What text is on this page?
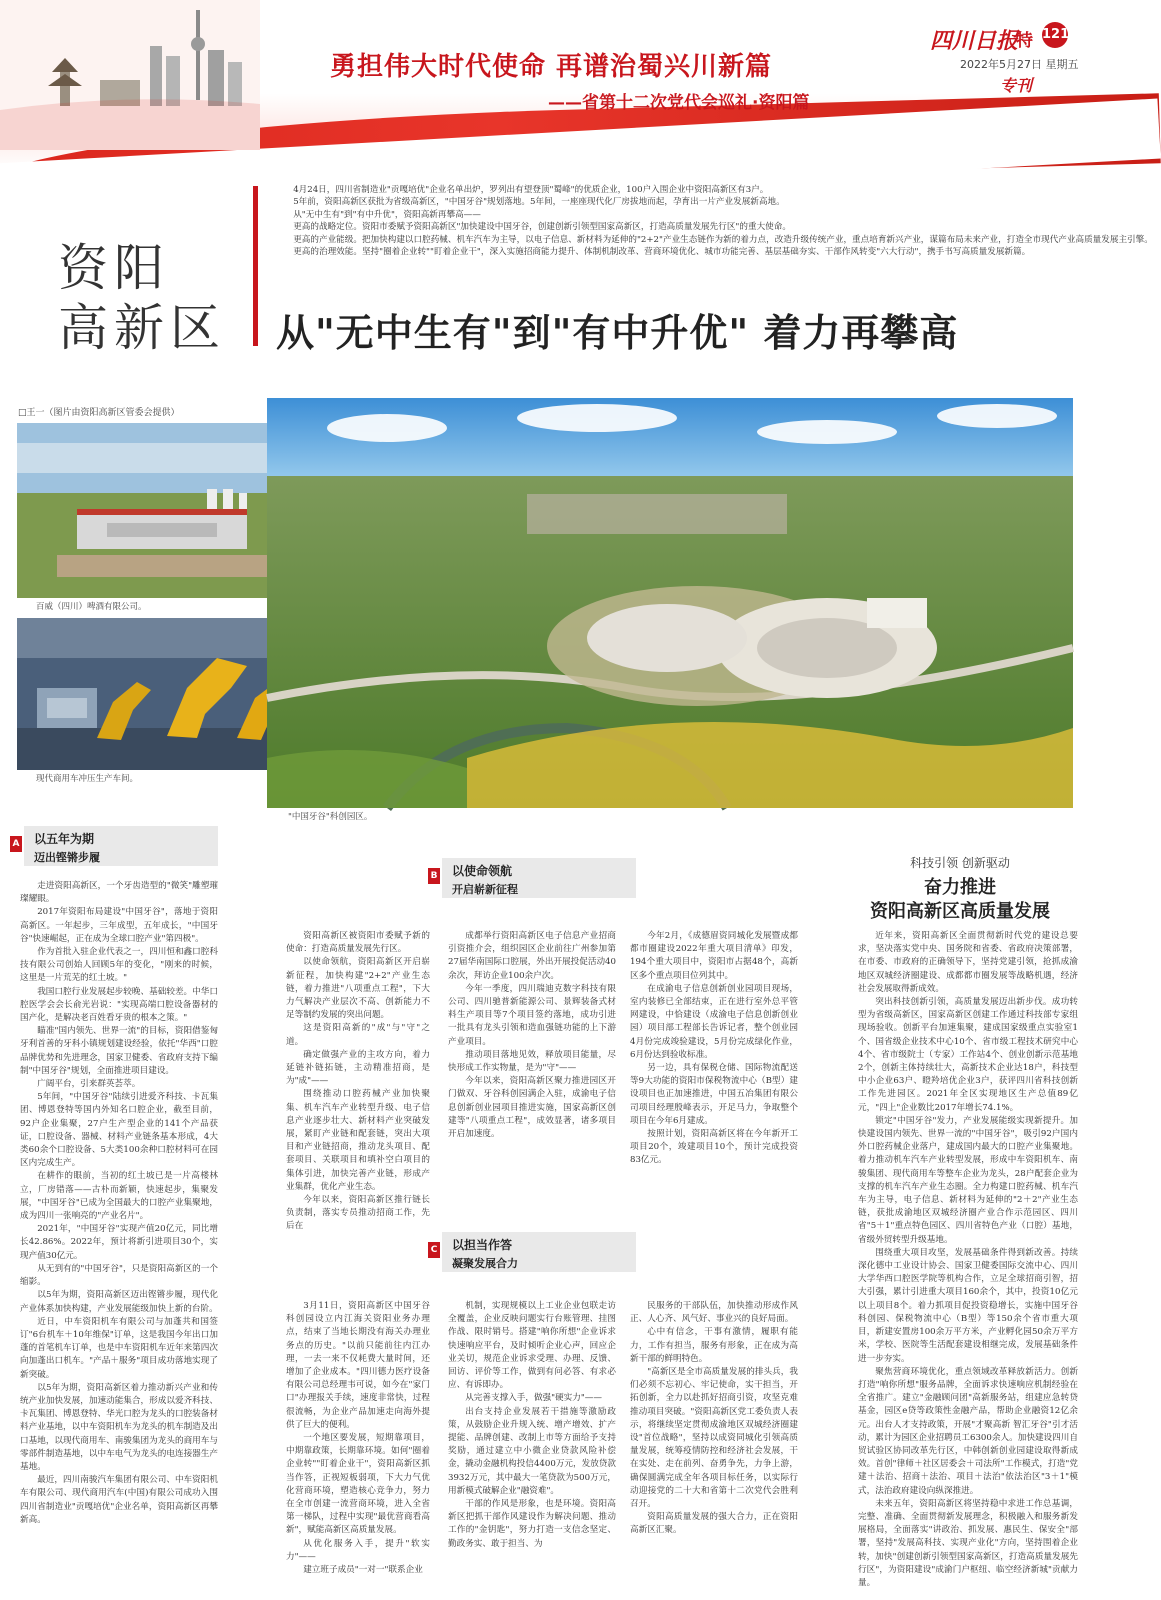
勇担伟大时代使命 再谱治蜀兴川新篇
——省第十二次党代会巡礼·资阳篇
四川日报
特 121
2022年5月27日 星期五
专刊
资阳
高新区

4月24日，四川省制造业"贡嘎培优"企业名单出炉，罗列出有望登顶"蜀峰"的优质企业，100户入围企业中资阳高新区有3户。

5年前，资阳高新区获批为省级高新区，"中国牙谷"规划落地。5年间，一座座现代化厂房拔地而起，孕育出一片产业发展新高地。

从"无中生有"到"有中升优"，资阳高新再攀高——

更高的战略定位。资阳市委赋予资阳高新区"加快建设中国牙谷，创建创新引领型国家高新区，打造高质量发展先行区"的重大使命。

更高的产业能级。把加快构建以口腔药械、机车汽车为主导，以电子信息、新材料为延伸的"2+2"产业生态链作为新的着力点，改造升级传统产业，重点培育新兴产业，谋篇布局未来产业，打造全市现代产业高质量发展主引擎。

更高的治理效能。坚持"圈着企业转""盯着企业干"，深入实施招商能力提升、体制机制改革、营商环境优化、城市功能完善、基层基础夯实、干部作风转变"六大行动"，携手书写高质量发展新篇。

从"无中生有"到"有中升优" 着力再攀高
□王一（图片由资阳高新区管委会提供）
百威（四川）啤酒有限公司。
现代商用车冲压生产车间。
"中国牙谷"科创园区。
A 以五年为期
迈出铿锵步履
B 以使命领航
开启崭新征程
C 以担当作答
凝聚发展合力
科技引领 创新驱动
奋力推进
资阳高新区高质量发展

走进资阳高新区，一个牙齿造型的"微笑"雕塑璀璨耀眼。

2017年资阳布局建设"中国牙谷"，落地于资阳高新区。一年起步，三年成型，五年成长，"中国牙谷"快速崛起，正在成为全球口腔产业"第四极"。

作为首批入驻企业代表之一，四川恒和鑫口腔科技有限公司创始人回顾5年的变化，"刚来的时候，这里是一片荒芜的红土坡。"

我国口腔行业发展起步较晚、基础较差。中华口腔医学会会长俞光岩说："实现高端口腔设备器材的国产化，是解决老百姓看牙贵的根本之策。"

瞄准"国内领先、世界一流"的目标，资阳借鉴匈牙利首善的牙科小镇规划建设经验，依托"华西"口腔品牌优势和先进理念，国家卫健委、省政府支持下编制"中国牙谷"规划，全面推进项目建设。

广阔平台，引来群英荟萃。

5年间，"中国牙谷"陆续引进爱齐科技、卡瓦集团、博恩登特等国内外知名口腔企业，截至目前，92户企业集聚，27户生产型企业的141个产品获证，口腔设备、器械、材料产业链条基本形成，4大类60余个口腔设备、5大类100余种口腔材料可在园区内完成生产。

在耕作的眼前，当初的红土坡已是一片高楼林立，厂房错落——古朴而新颖，快速起步，集聚发展，"中国牙谷"已成为全国最大的口腔产业集聚地，成为四川一张响亮的"产业名片"。

2021年，"中国牙谷"实现产值20亿元，同比增长42.86%。2022年，预计将新引进项目30个，实现产值30亿元。

从无到有的"中国牙谷"，只是资阳高新区的一个缩影。

以5年为期，资阳高新区迈出铿锵步履，现代化产业体系加快构建，产业发展能级加快上新的台阶。

近日，中车资阳机车有限公司与加蓬共和国签订"6台机车＋10年维保"订单，这是我国今年出口加蓬的首笔机车订单，也是中车资阳机车近年来第四次向加蓬出口机车。"产品＋服务"项目成功落地实现了新突破。

以5年为期，资阳高新区着力推动新兴产业和传统产业加快发展，加速动能集合，形成以爱齐科技、卡瓦集团、博恩登特、华光口腔为龙头的口腔装备材料产业基地，以中车资阳机车为龙头的机车制造及出口基地，以现代商用车、南骏集团为龙头的商用车与零部件制造基地，以中车电气为龙头的电连接器生产基地。

最近，四川南骏汽车集团有限公司、中车资阳机车有限公司、现代商用汽车(中国)有限公司成功入围四川省制造业"贡嘎培优"企业名单，资阳高新区再攀新高。

资阳高新区被资阳市委赋予新的使命：打造高质量发展先行区。

以使命领航，资阳高新区开启崭新征程，加快构建"2+2"产业生态链，着力推进"八项重点工程"，下大力气解决产业层次不高、创新能力不足等制约发展的突出问题。

这是资阳高新的"成"与"守"之道。

确定做强产业的主攻方向，着力延链补链拓链，主动精准招商，是为"成"——

围绕推动口腔药械产业加快聚集、机车汽车产业转型升级、电子信息产业逐步壮大、新材料产业突破发展，紧盯产业链和配套链，突出大项目和产业链招商，推动龙头项目、配套项目、关联项目和填补空白项目的集体引进，加快完善产业链，形成产业集群，优化产业生态。

今年以来，资阳高新区推行链长负责制，落实专员推动招商工作，先后在

成都举行资阳高新区电子信息产业招商引资推介会，组织园区企业前往广州参加第27届华南国际口腔展，外出开展投促活动40余次，拜访企业100余户次。

今年一季度，四川瑞迪克数字科技有限公司、四川驰普新能源公司、景辉装备式材料生产项目等7个项目签约落地，成功引进一批具有龙头引领和造血强链功能的上下游产业项目。

推动项目落地见效，释放项目能量，尽快形成工作实物量，是为"守"——

今年以来，资阳高新区聚力推进园区开门做双、牙谷科创园满企入驻，成渝电子信息创新创业园项目推进实施，国家高新区创建等"八项重点工程"，成效显著，诸多项目开启加速度。

今年2月，《成德眉资同城化发展暨成都都市圈建设2022年重大项目清单》印发，194个重大项目中，资阳市占据48个，高新区多个重点项目位列其中。

在成渝电子信息创新创业园项目现场，室内装修已全部结束，正在进行室外总平管网建设，中恰建设（成渝电子信息创新创业园）项目部工程部长告诉记者，整个创业园4月份完成竣验建设，5月份完成绿化作业，6月份达到验收标准。

另一边，具有保税仓储、国际物流配送等9大功能的资阳市保税物流中心（B型）建设项目也正加速推进，中国五冶集团有限公司项目经理殷峰表示，开足马力，争取整个项目在今年6月建成。

按照计划，资阳高新区将在今年新开工项目20个，竣建项目10个，预计完成投资83亿元。

3月11日，资阳高新区中国牙谷科创园设立内江海关资阳业务办理点，结束了当地长期没有海关办理业务点的历史。"以前只能前往内江办理，一去一来不仅耗费大量时间，还增加了企业成本。"四川德力医疗设备有限公司总经理韦可说，如今在"家门口"办理报关手续，速度非常快，过程很流畅，为企业产品加速走向海外提供了巨大的便利。

一个地区要发展，短期靠项目，中期靠政策，长期靠环境。如何"圈着企业转""盯着企业干"，资阳高新区抓当作答，正视短板弱项，下大力气优化营商环境，塑造核心竞争力，努力在全市创建一流营商环境，进入全省第一梯队，过程中实现"最优营商看高新"，赋能高新区高质量发展。

从优化服务入手，提升"软实力"——

建立班子成员"一对一"联系企业

机制，实现规模以上工业企业包联走访全覆盖，企业反映问题实行台账管理、挂图作战、限时销号。搭建"响你所想"企业诉求快速响应平台，及时倾听企业心声，回应企业关切，规范企业诉求受理、办理、反馈、回访、评价等工作，做到有问必答、有求必应、有诉即办。

从完善支撑入手，做强"硬实力"——

出台支持企业发展若干措施等激励政策，从鼓励企业升规入统、增产增效、扩产提能、品牌创建、改制上市等方面给予支持奖励，通过建立中小微企业贷款风险补偿金，撬动金融机构投信4400万元，发放贷款3932万元，其中最大一笔贷款为500万元，用新模式破解企业"融资难"。

干部的作风是形象，也是环境。资阳高新区把抓干部作风建设作为解决问题、推动工作的"金钥匙"，努力打造一支信念坚定、勤政务实、敢于担当、为

民服务的干部队伍，加快推动形成作风正、人心齐、风气好、事业兴的良好局面。

心中有信念，干事有激情，履职有能力，工作有担当，服务有形象，正在成为高新干部的鲜明特色。

"高新区是全市高质量发展的排头兵，我们必须不忘初心、牢记使命，实干担当，开拓创新，全力以赴抓好招商引资，攻坚克难推动项目突破。"资阳高新区党工委负责人表示，将继续坚定贯彻成渝地区双城经济圈建设"首位战略"，坚持以成资同城化引领高质量发展，统筹疫情防控和经济社会发展，干在实处、走在前列、奋勇争先，力争上游，确保圆满完成全年各项目标任务，以实际行动迎接党的二十大和省第十二次党代会胜利召开。

资阳高质量发展的强大合力，正在资阳高新区汇聚。

近年来，资阳高新区全面贯彻新时代党的建设总要求，坚决落实党中央、国务院和省委、省政府决策部署，在市委、市政府的正确领导下，坚持党建引领，抢抓成渝地区双城经济圈建设、成都都市圈发展等战略机遇，经济社会发展取得新成效。

突出科技创新引领，高质量发展迈出新步伐。成功转型为省级高新区，国家高新区创建工作通过科技部专家组现场验收。创新平台加速集聚，建成国家级重点实验室1个、国省级企业技术中心10个、省市级工程技术研究中心4个、省市级院士（专家）工作站4个、创业创新示范基地2个，创新主体持续壮大，高新技术企业达18户，科技型中小企业63户、瞪羚培优企业3户，获评四川省科技创新工作先进园区。2021年全区实现地区生产总值89亿元，"四上"企业数比2017年增长74.1%。

锁定"中国牙谷"发力，产业发展能级实现新提升。加快建设国内领先、世界一流的"中国牙谷"，吸引92户国内外口腔药械企业落户，建成国内最大的口腔产业集聚地。着力推动机车汽车产业转型发展，形成中车资阳机车、南骏集团、现代商用车等整车企业为龙头，28户配套企业为支撑的机车汽车产业生态圈。全力构建口腔药械、机车汽车为主导，电子信息、新材料为延伸的"2＋2"产业生态链，获批成渝地区双城经济圈产业合作示范园区、四川省"5＋1"重点特色园区、四川省特色产业（口腔）基地，省级外贸转型升级基地。

围绕重大项目攻坚，发展基础条件得到新改善。持续深化德中工业设计协会、国家卫健委国际交流中心、四川大学华西口腔医学院等机构合作，立足全球招商引智，招大引强，累计引进重大项目160余个，其中，投资10亿元以上项目8个。着力抓项目促投资稳增长，实施中国牙谷科创园、保税物流中心（B型）等150余个省市重大项目，新建安置房100余万平方米，产业孵化园50余万平方米，学校、医院等生活配套建设相继完成，发展基础条件进一步夯实。

聚焦营商环境优化，重点领域改革释放新活力。创新打造"响你所想"服务品牌，全面诉求快速响应机制经验在全省推广。建立"金融顾问团"高新服务站，组建应急转贷基金，园区e贷等政策性金融产品，帮助企业融资12亿余元。出台人才支持政策，开展"才聚高新 智汇牙谷"引才活动，累计为园区企业招聘员工6300余人。加快建设四川自贸试验区协同改革先行区，中韩创新创业园建设取得新成效。首创"律师＋社区居委会＋司法所"工作模式，打造"党建＋法治、招商＋法治、项目＋法治"依法治区"3＋1"模式，法治政府建设向纵深推进。

未来五年，资阳高新区将坚持稳中求进工作总基调，完整、准确、全面贯彻新发展理念，积极融入和服务新发展格局，全面落实"讲政治、抓发展、惠民生、保安全"部署，坚持"发展高科技、实现产业化"方向，坚持围着企业转，加快"创建创新引领型国家高新区，打造高质量发展先行区"，为资阳建设"成渝门户枢纽、临空经济新城"贡献力量。
